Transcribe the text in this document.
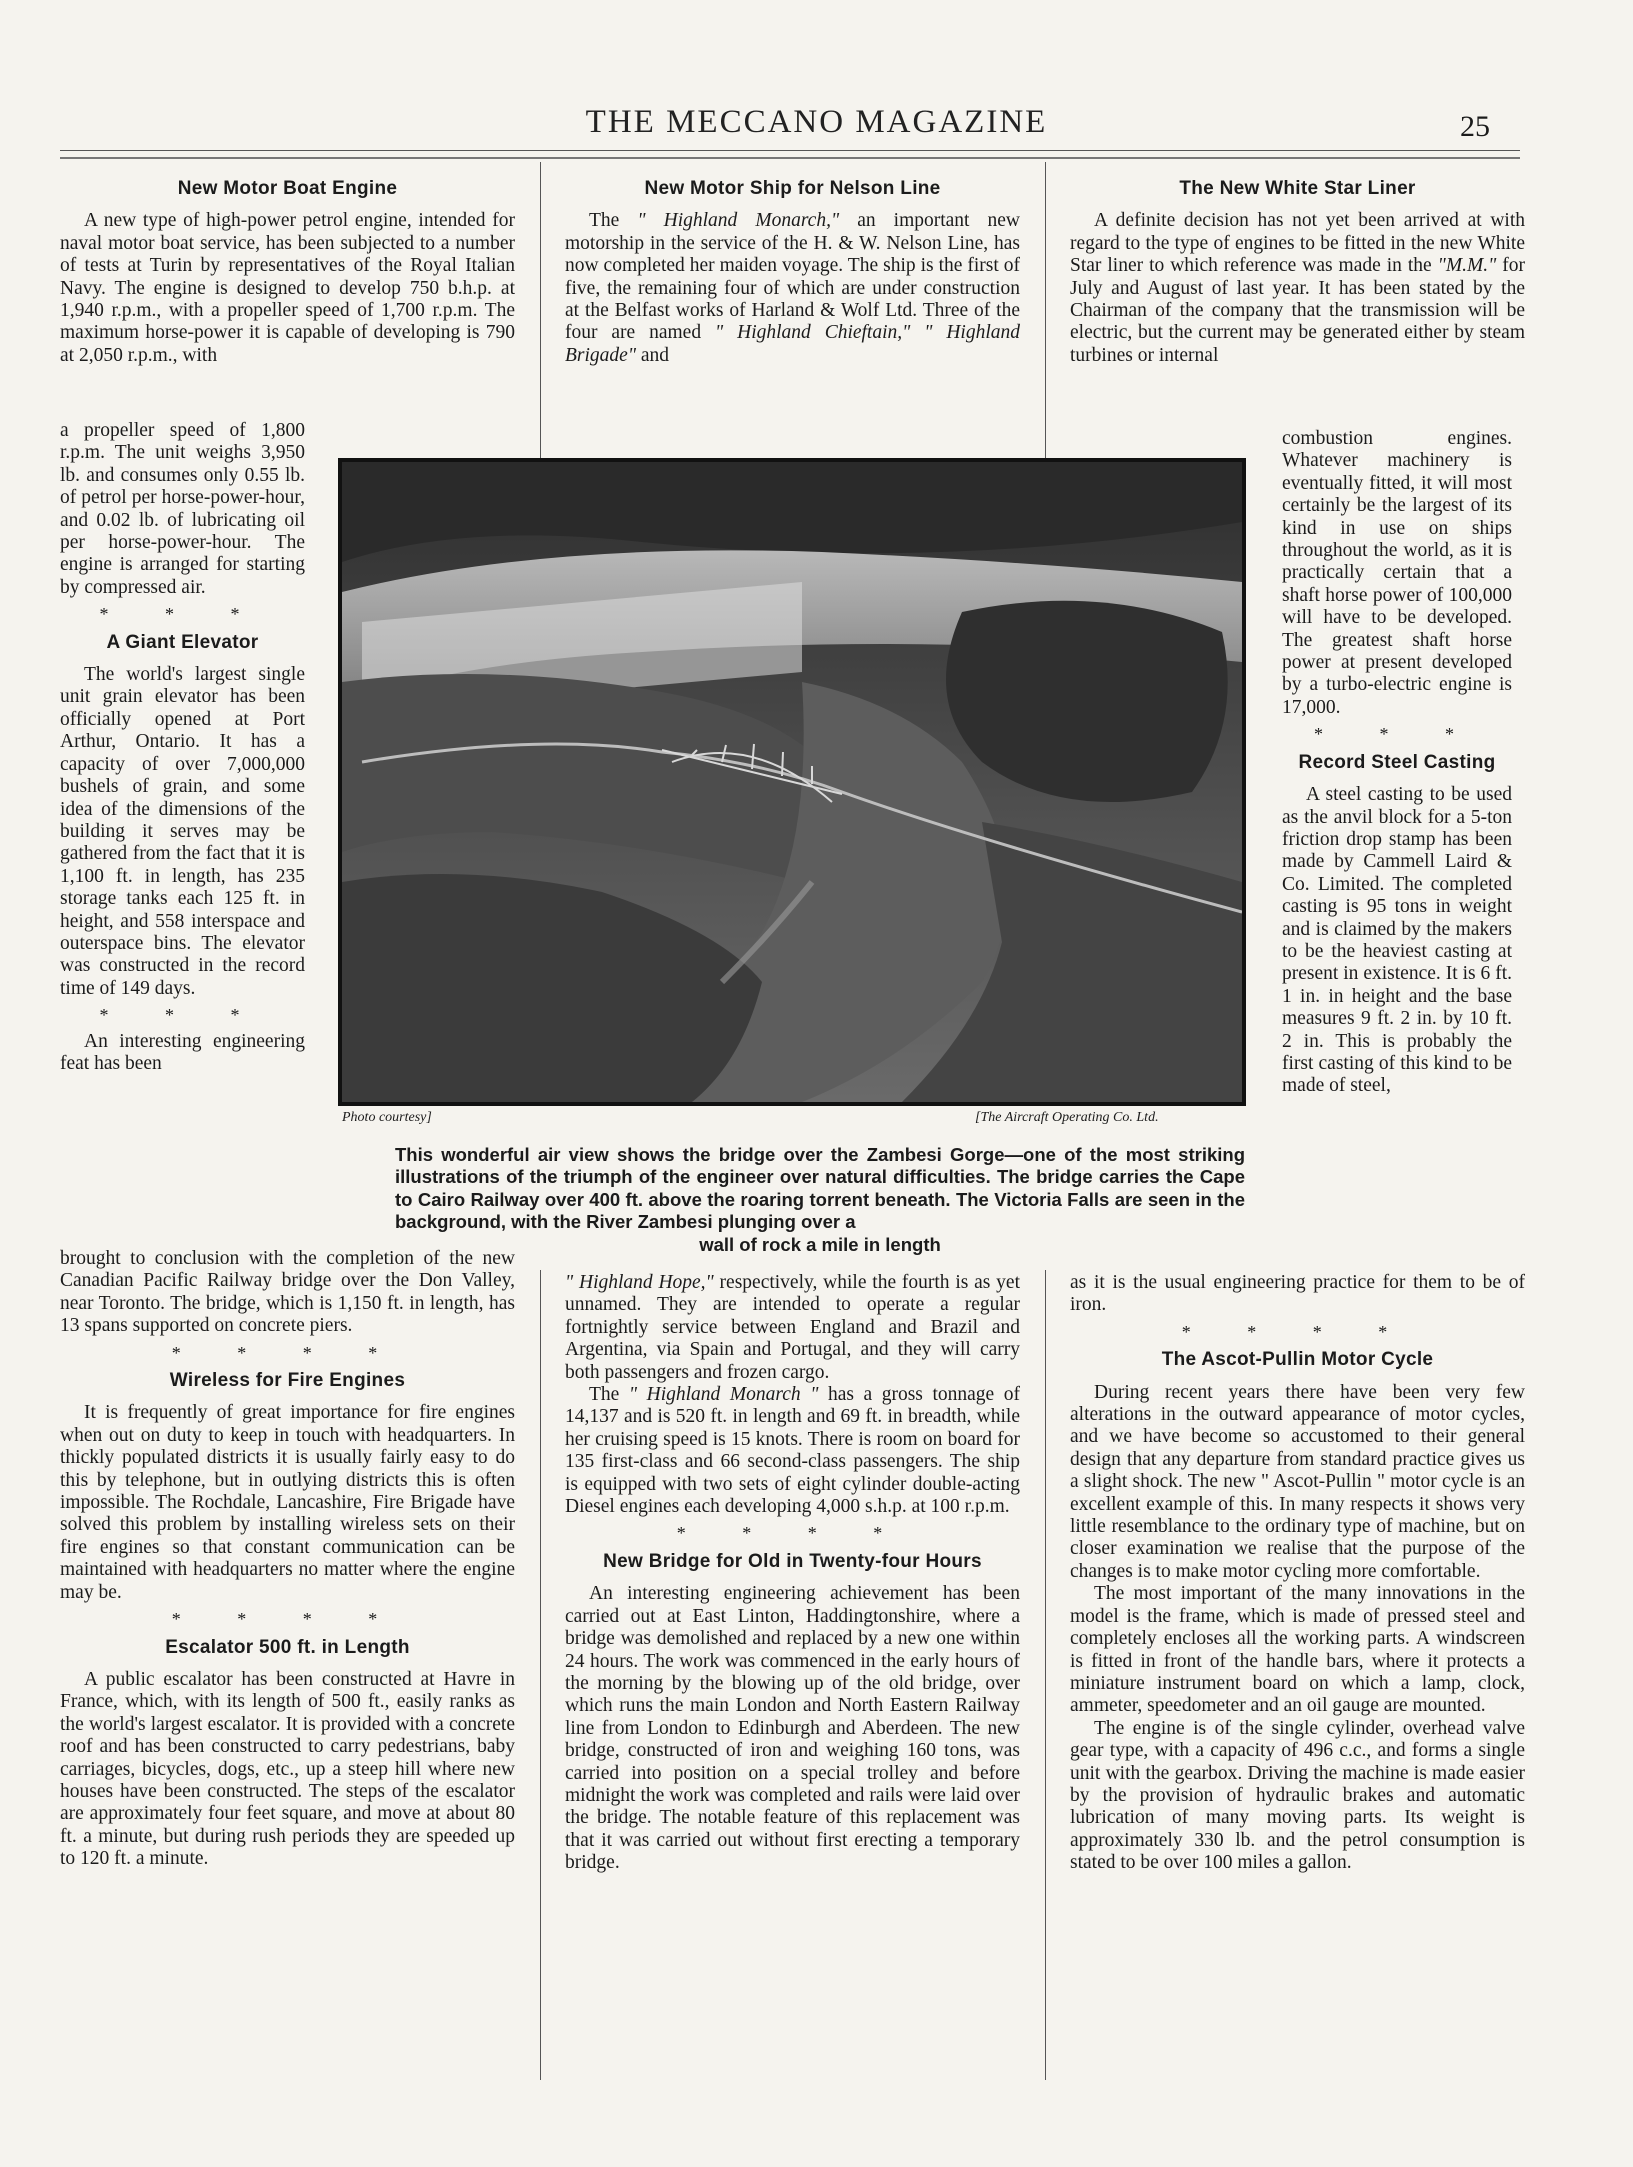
THE MECCANO MAGAZINE	25
New Motor Boat Engine

A new type of high-power petrol engine, intended for naval motor boat service, has been subjected to a number of tests at Turin by representatives of the Royal Italian Navy. The engine is designed to develop 750 b.h.p. at 1,940 r.p.m., with a propeller speed of 1,700 r.p.m. The maximum horse-power it is capable of developing is 790 at 2,050 r.p.m., with

a propeller speed of 1,800 r.p.m. The unit weighs 3,950 lb. and consumes only 0.55 lb. of petrol per horse-power-hour, and 0.02 lb. of lubricating oil per horse-power-hour. The engine is arranged for starting by compressed air.

* * *
A Giant Elevator

The world's largest single unit grain elevator has been officially opened at Port Arthur, Ontario. It has a capacity of over 7,000,000 bushels of grain, and some idea of the dimensions of the building it serves may be gathered from the fact that it is 1,100 ft. in length, has 235 storage tanks each 125 ft. in height, and 558 interspace and outerspace bins. The elevator was constructed in the record time of 149 days.

* * *

An interesting engineering feat has been

brought to conclusion with the completion of the new Canadian Pacific Railway bridge over the Don Valley, near Toronto. The bridge, which is 1,150 ft. in length, has 13 spans supported on concrete piers.

* * * *
Wireless for Fire Engines

It is frequently of great importance for fire engines when out on duty to keep in touch with headquarters. In thickly populated districts it is usually fairly easy to do this by telephone, but in outlying districts this is often impossible. The Rochdale, Lancashire, Fire Brigade have solved this problem by installing wireless sets on their fire engines so that constant communication can be maintained with headquarters no matter where the engine may be.

* * * *
Escalator 500 ft. in Length

A public escalator has been constructed at Havre in France, which, with its length of 500 ft., easily ranks as the world's largest escalator. It is provided with a concrete roof and has been constructed to carry pedestrians, baby carriages, bicycles, dogs, etc., up a steep hill where new houses have been constructed. The steps of the escalator are approximately four feet square, and move at about 80 ft. a minute, but during rush periods they are speeded up to 120 ft. a minute.

New Motor Ship for Nelson Line

The " Highland Monarch," an important new motorship in the service of the H. & W. Nelson Line, has now completed her maiden voyage. The ship is the first of five, the remaining four of which are under construction at the Belfast works of Harland & Wolf Ltd. Three of the four are named " Highland Chieftain," " Highland Brigade" and

" Highland Hope," respectively, while the fourth is as yet unnamed. They are intended to operate a regular fortnightly service between England and Brazil and Argentina, via Spain and Portugal, and they will carry both passengers and frozen cargo.

The " Highland Monarch " has a gross tonnage of 14,137 and is 520 ft. in length and 69 ft. in breadth, while her cruising speed is 15 knots. There is room on board for 135 first-class and 66 second-class passengers. The ship is equipped with two sets of eight cylinder double-acting Diesel engines each developing 4,000 s.h.p. at 100 r.p.m.

* * * *
New Bridge for Old in Twenty-four Hours

An interesting engineering achievement has been carried out at East Linton, Haddingtonshire, where a bridge was demolished and replaced by a new one within 24 hours. The work was commenced in the early hours of the morning by the blowing up of the old bridge, over which runs the main London and North Eastern Railway line from London to Edinburgh and Aberdeen. The new bridge, constructed of iron and weighing 160 tons, was carried into position on a special trolley and before midnight the work was completed and rails were laid over the bridge. The notable feature of this replacement was that it was carried out without first erecting a temporary bridge.

The New White Star Liner

A definite decision has not yet been arrived at with regard to the type of engines to be fitted in the new White Star liner to which reference was made in the "M.M." for July and August of last year. It has been stated by the Chairman of the company that the transmission will be electric, but the current may be generated either by steam turbines or internal

combustion engines. Whatever machinery is eventually fitted, it will most certainly be the largest of its kind in use on ships throughout the world, as it is practically certain that a shaft horse power of 100,000 will have to be developed. The greatest shaft horse power at present developed by a turbo-electric engine is 17,000.

* * *
Record Steel Casting

A steel casting to be used as the anvil block for a 5-ton friction drop stamp has been made by Cammell Laird & Co. Limited. The completed casting is 95 tons in weight and is claimed by the makers to be the heaviest casting at present in existence. It is 6 ft. 1 in. in height and the base measures 9 ft. 2 in. by 10 ft. 2 in. This is probably the first casting of this kind to be made of steel,

as it is the usual engineering practice for them to be of iron.

* * * *
The Ascot-Pullin Motor Cycle

During recent years there have been very few alterations in the outward appearance of motor cycles, and we have become so accustomed to their general design that any departure from standard practice gives us a slight shock. The new " Ascot-Pullin " motor cycle is an excellent example of this. In many respects it shows very little resemblance to the ordinary type of machine, but on closer examination we realise that the purpose of the changes is to make motor cycling more comfortable.

The most important of the many innovations in the model is the frame, which is made of pressed steel and completely encloses all the working parts. A windscreen is fitted in front of the handle bars, where it protects a miniature instrument board on which a lamp, clock, ammeter, speedometer and an oil gauge are mounted.

The engine is of the single cylinder, overhead valve gear type, with a capacity of 496 c.c., and forms a single unit with the gearbox. Driving the machine is made easier by the provision of hydraulic brakes and automatic lubrication of many moving parts. Its weight is approximately 330 lb. and the petrol consumption is stated to be over 100 miles a gallon.

Photo courtesy]	[The Aircraft Operating Co. Ltd.
This wonderful air view shows the bridge over the Zambesi Gorge—one of the most striking illustrations of the triumph of the engineer over natural difficulties. The bridge carries the Cape to Cairo Railway over 400 ft. above the roaring torrent beneath. The Victoria Falls are seen in the background, with the River Zambesi plunging over a
wall of rock a mile in length
